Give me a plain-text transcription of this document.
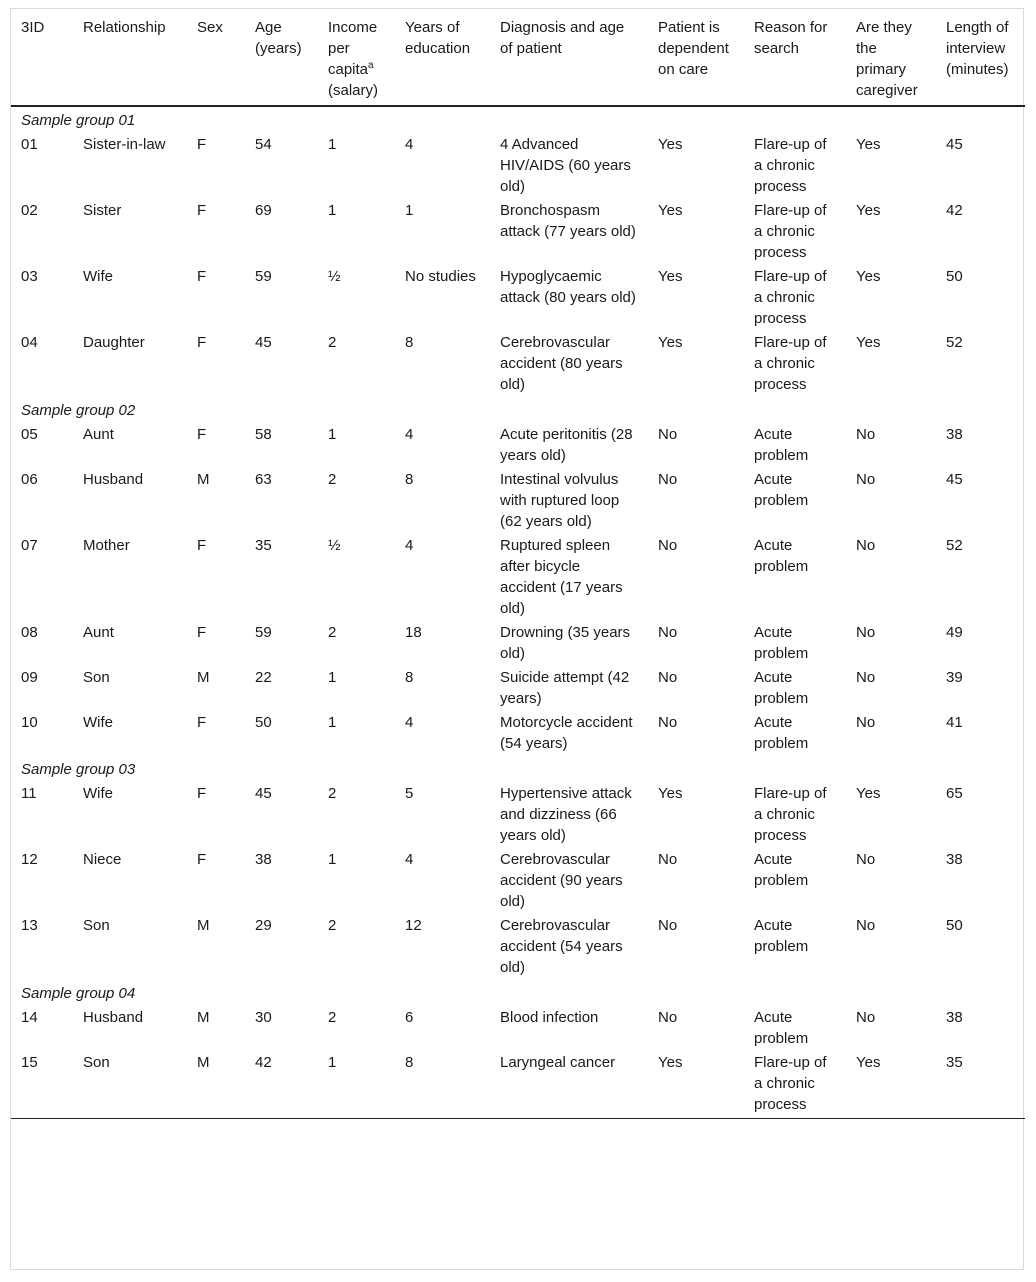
3ID	Relationship	Sex	Age (years)	Income per capita$^a$ (salary)	Years of education	Diagnosis and age of patient	Patient is dependent on care	Reason for search	Are they the primary caregiver	Length of interview (minutes)
Sample group 01										
01	Sister-in-law	F	54	1	4	4 Advanced HIV/AIDS (60 years old)	Yes	Flare-up of a chronic process	Yes	45
02	Sister	F	69	1	1	Bronchospasm attack (77 years old)	Yes	Flare-up of a chronic process	Yes	42
03	Wife	F	59	½	No studies	Hypoglycaemic attack (80 years old)	Yes	Flare-up of a chronic process	Yes	50
04	Daughter	F	45	2	8	Cerebrovascular accident (80 years old)	Yes	Flare-up of a chronic process	Yes	52
Sample group 02										
05	Aunt	F	58	1	4	Acute peritonitis (28 years old)	No	Acute problem	No	38
06	Husband	M	63	2	8	Intestinal volvulus with ruptured loop (62 years old)	No	Acute problem	No	45
07	Mother	F	35	½	4	Ruptured spleen after bicycle accident (17 years old)	No	Acute problem	No	52
08	Aunt	F	59	2	18	Drowning (35 years old)	No	Acute problem	No	49
09	Son	M	22	1	8	Suicide attempt (42 years)	No	Acute problem	No	39
10	Wife	F	50	1	4	Motorcycle accident (54 years)	No	Acute problem	No	41
Sample group 03										
11	Wife	F	45	2	5	Hypertensive attack and dizziness (66 years old)	Yes	Flare-up of a chronic process	Yes	65
12	Niece	F	38	1	4	Cerebrovascular accident (90 years old)	No	Acute problem	No	38
13	Son	M	29	2	12	Cerebrovascular accident (54 years old)	No	Acute problem	No	50
Sample group 04										
14	Husband	M	30	2	6	Blood infection	No	Acute problem	No	38
15	Son	M	42	1	8	Laryngeal cancer	Yes	Flare-up of a chronic process	Yes	35
